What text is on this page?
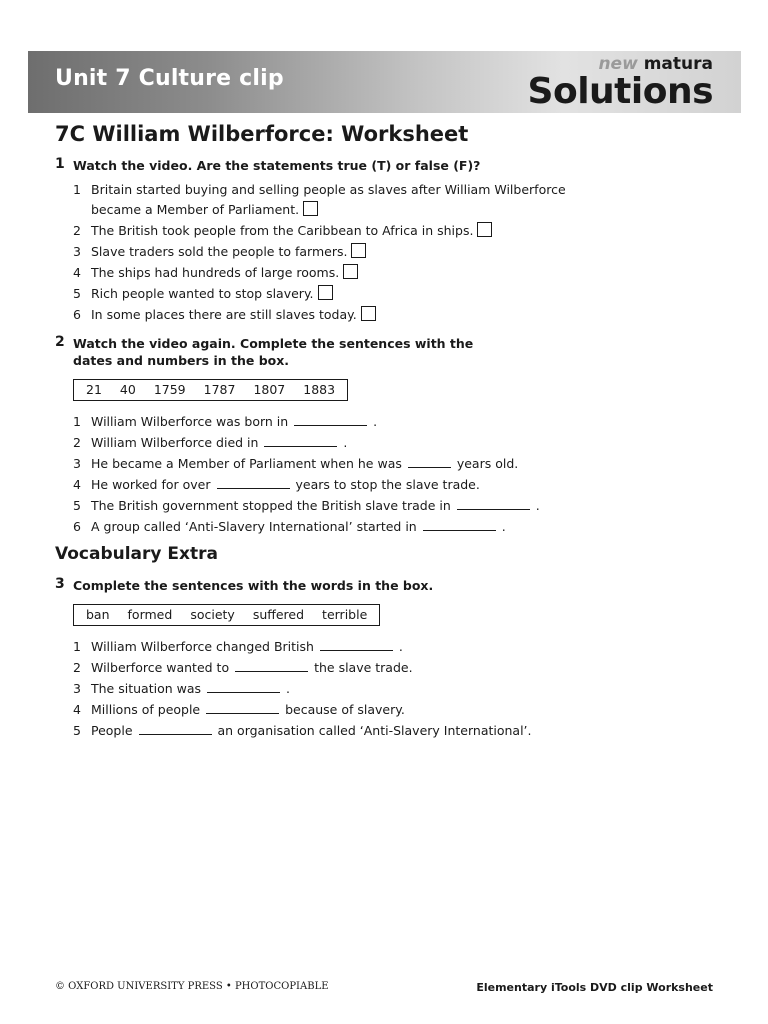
Unit 7 Culture clip
new matura
Solutions
7C William Wilberforce: Worksheet
1 Watch the video. Are the statements true (T) or false (F)?
1 Britain started buying and selling people as slaves after William Wilberforce became a Member of Parliament.
2 The British took people from the Caribbean to Africa in ships.
3 Slave traders sold the people to farmers.
4 The ships had hundreds of large rooms.
5 Rich people wanted to stop slavery.
6 In some places there are still slaves today.
2 Watch the video again. Complete the sentences with the
dates and numbers in the box.
21 40 1759 1787 1807 1883
1 William Wilberforce was born in	.
2 William Wilberforce died in	.
3 He became a Member of Parliament when he was	years old.
4 He worked for over	years to stop the slave trade.
5 The British government stopped the British slave trade in	.
6 A group called ‘Anti-Slavery International’ started in	.
Vocabulary Extra
3 Complete the sentences with the words in the box.
ban formed society suffered terrible
1 William Wilberforce changed British	.
2 Wilberforce wanted to	the slave trade.
3 The situation was	.
4 Millions of people	because of slavery.
5 People	an organisation called ‘Anti-Slavery International’.
© OXFORD UNIVERSITY PRESS • PHOTOCOPIABLE	Elementary iTools DVD clip Worksheet
